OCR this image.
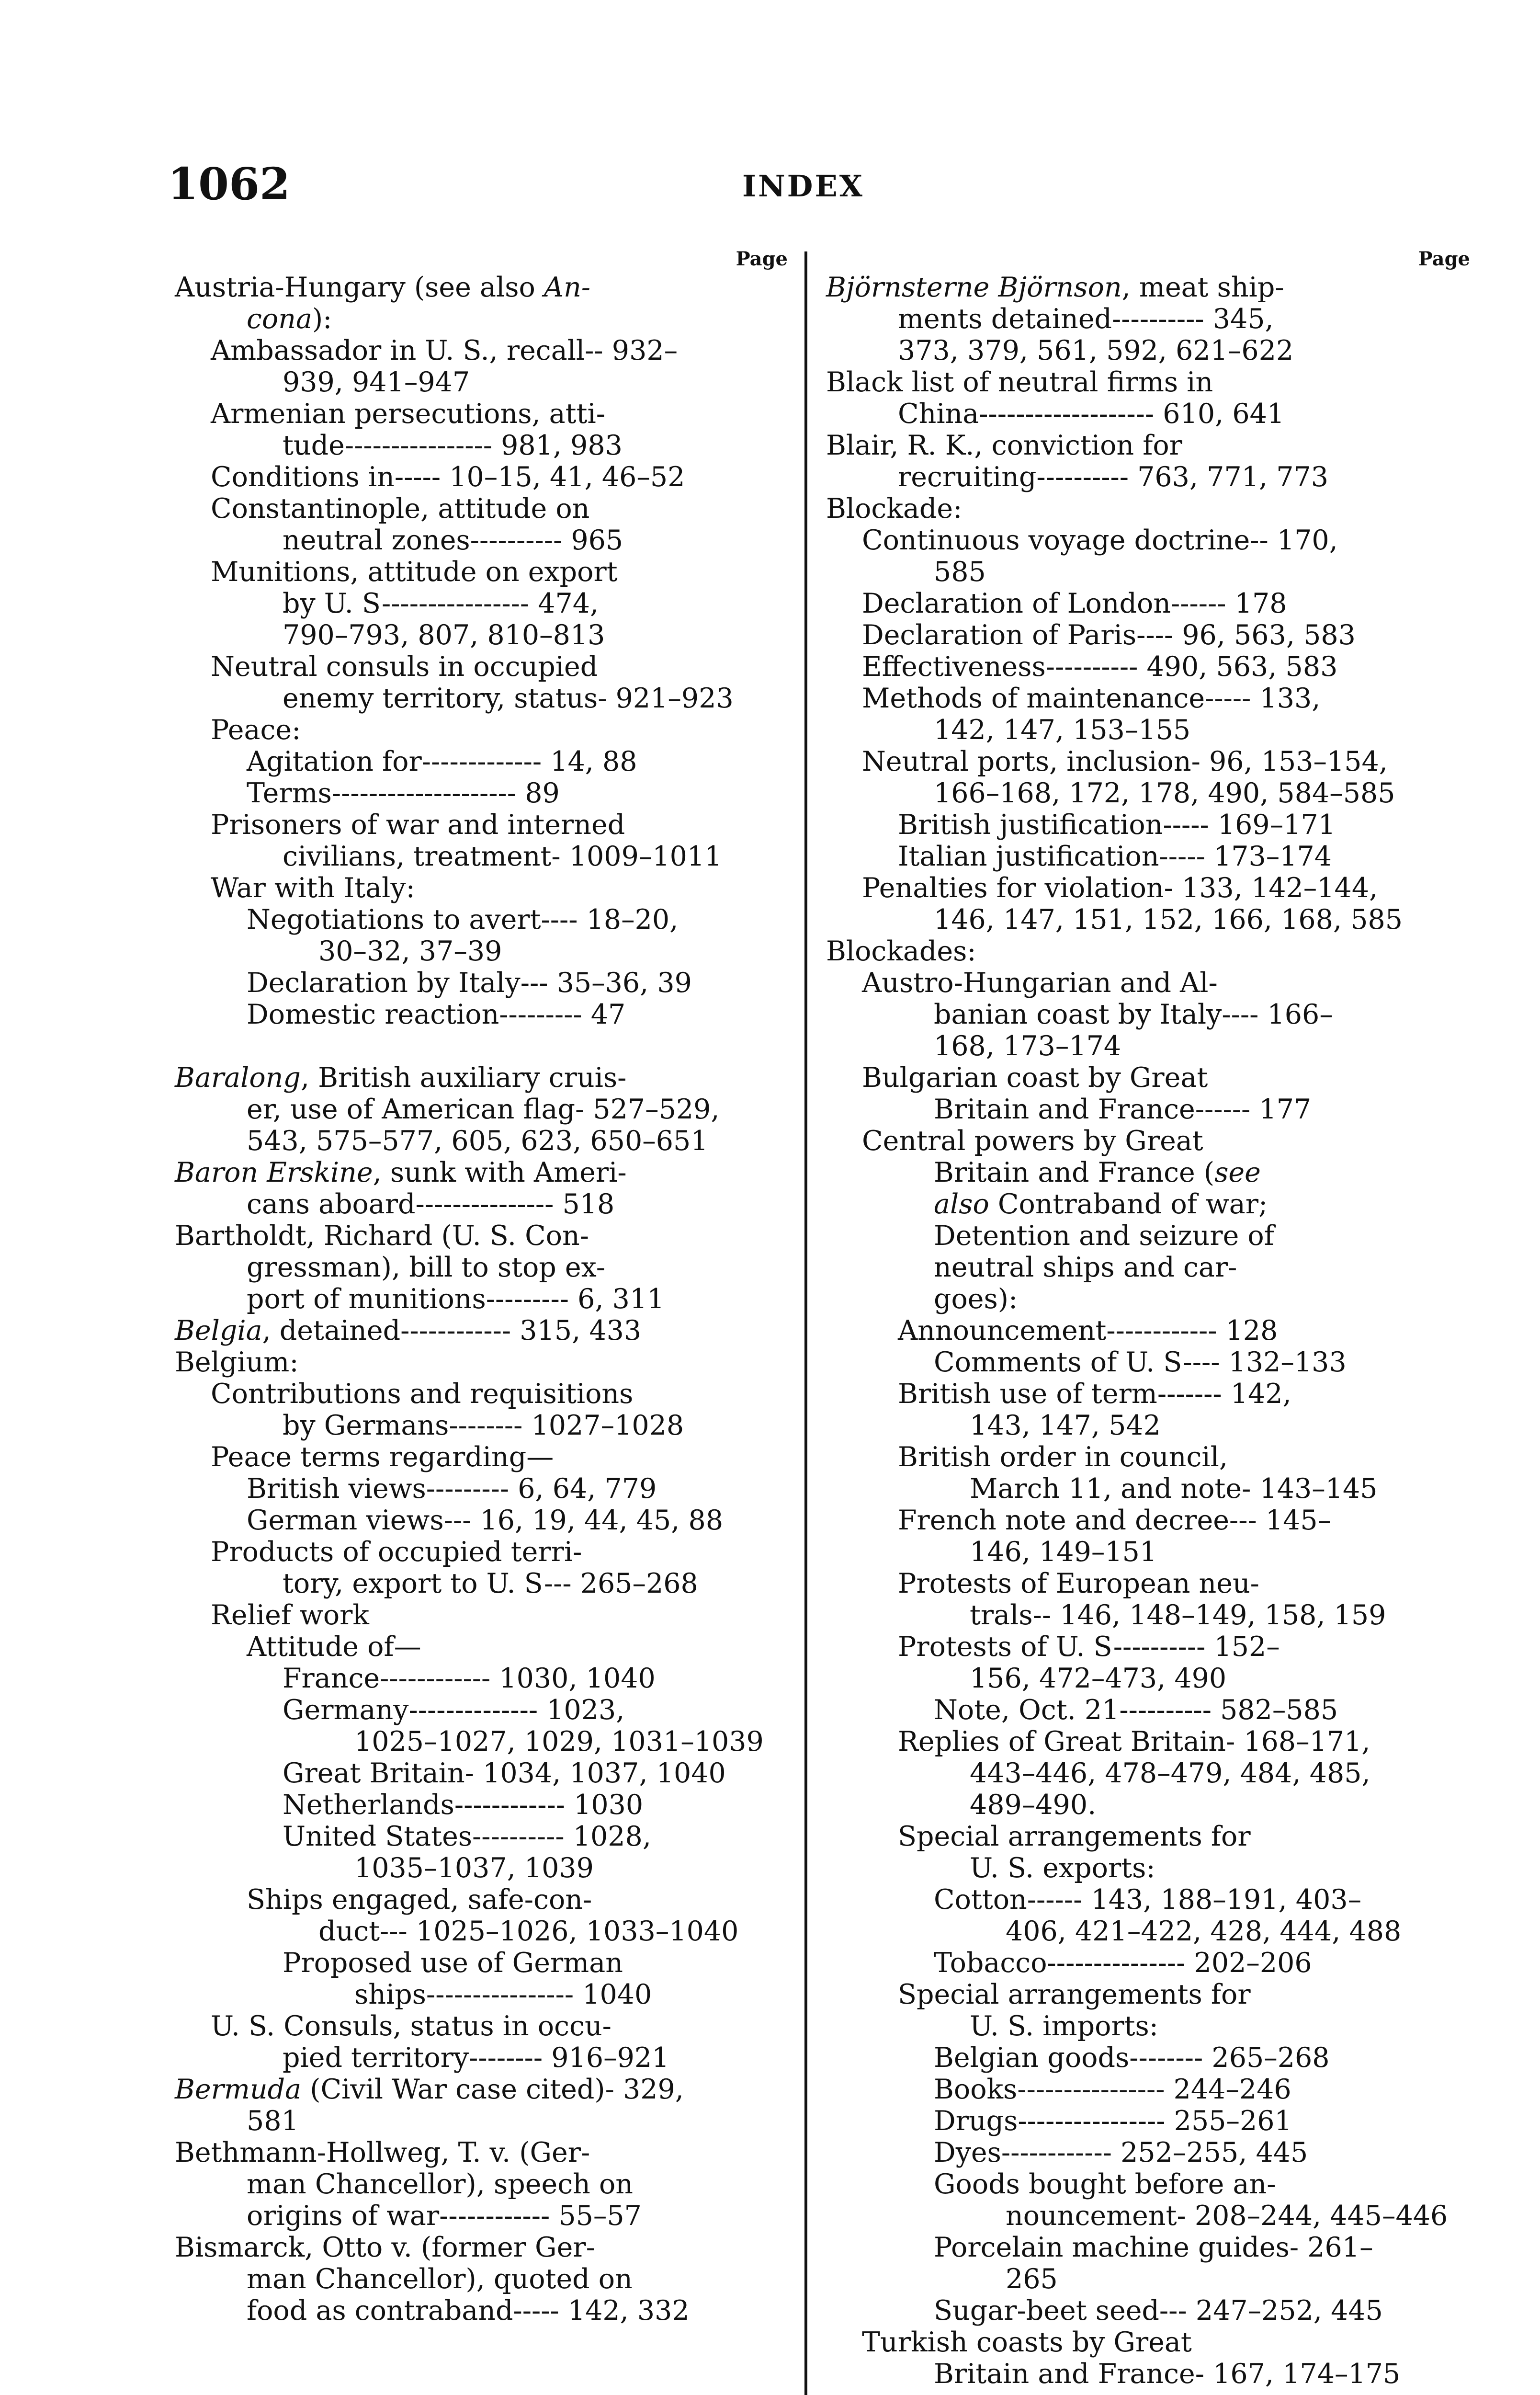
1062	INDEX
Page
Austria-Hungary (see also An-
cona):
Ambassador in U. S., recall-- 932–
939, 941–947
Armenian persecutions, atti-
tude---------------- 981, 983
Conditions in----- 10–15, 41, 46–52
Constantinople, attitude on
neutral zones---------- 965
Munitions, attitude on export
by U. S---------------- 474,
790–793, 807, 810–813
Neutral consuls in occupied
enemy territory, status- 921–923
Peace:
Agitation for------------- 14, 88
Terms-------------------- 89
Prisoners of war and interned
civilians, treatment- 1009–1011
War with Italy:
Negotiations to avert---- 18–20,
30–32, 37–39
Declaration by Italy--- 35–36, 39
Domestic reaction--------- 47
Baralong, British auxiliary cruis-
er, use of American flag- 527–529,
543, 575–577, 605, 623, 650–651
Baron Erskine, sunk with Ameri-
cans aboard--------------- 518
Bartholdt, Richard (U. S. Con-
gressman), bill to stop ex-
port of munitions--------- 6, 311
Belgia, detained------------ 315, 433
Belgium:
Contributions and requisitions
by Germans-------- 1027–1028
Peace terms regarding—
British views--------- 6, 64, 779
German views--- 16, 19, 44, 45, 88
Products of occupied terri-
tory, export to U. S--- 265–268
Relief work
Attitude of—
France------------ 1030, 1040
Germany-------------- 1023,
1025–1027, 1029, 1031–1039
Great Britain- 1034, 1037, 1040
Netherlands------------ 1030
United States---------- 1028,
1035–1037, 1039
Ships engaged, safe-con-
duct--- 1025–1026, 1033–1040
Proposed use of German
ships---------------- 1040
U. S. Consuls, status in occu-
pied territory-------- 916–921
Bermuda (Civil War case cited)- 329,
581
Bethmann-Hollweg, T. v. (Ger-
man Chancellor), speech on
origins of war------------ 55–57
Bismarck, Otto v. (former Ger-
man Chancellor), quoted on
food as contraband----- 142, 332
Page
Björnsterne Björnson, meat ship-
ments detained---------- 345,
373, 379, 561, 592, 621–622
Black list of neutral firms in
China------------------- 610, 641
Blair, R. K., conviction for
recruiting---------- 763, 771, 773
Blockade:
Continuous voyage doctrine-- 170,
585
Declaration of London------ 178
Declaration of Paris---- 96, 563, 583
Effectiveness---------- 490, 563, 583
Methods of maintenance----- 133,
142, 147, 153–155
Neutral ports, inclusion- 96, 153–154,
166–168, 172, 178, 490, 584–585
British justification----- 169–171
Italian justification----- 173–174
Penalties for violation- 133, 142–144,
146, 147, 151, 152, 166, 168, 585
Blockades:
Austro-Hungarian and Al-
banian coast by Italy---- 166–
168, 173–174
Bulgarian coast by Great
Britain and France------ 177
Central powers by Great
Britain and France (see
also Contraband of war;
Detention and seizure of
neutral ships and car-
goes):
Announcement------------ 128
Comments of U. S---- 132–133
British use of term------- 142,
143, 147, 542
British order in council,
March 11, and note- 143–145
French note and decree--- 145–
146, 149–151
Protests of European neu-
trals-- 146, 148–149, 158, 159
Protests of U. S---------- 152–
156, 472–473, 490
Note, Oct. 21---------- 582–585
Replies of Great Britain- 168–171,
443–446, 478–479, 484, 485,
489–490.
Special arrangements for
U. S. exports:
Cotton------ 143, 188–191, 403–
406, 421–422, 428, 444, 488
Tobacco--------------- 202–206
Special arrangements for
U. S. imports:
Belgian goods-------- 265–268
Books---------------- 244–246
Drugs---------------- 255–261
Dyes------------ 252–255, 445
Goods bought before an-
nouncement- 208–244, 445–446
Porcelain machine guides- 261–
265
Sugar-beet seed--- 247–252, 445
Turkish coasts by Great
Britain and France- 167, 174–175
